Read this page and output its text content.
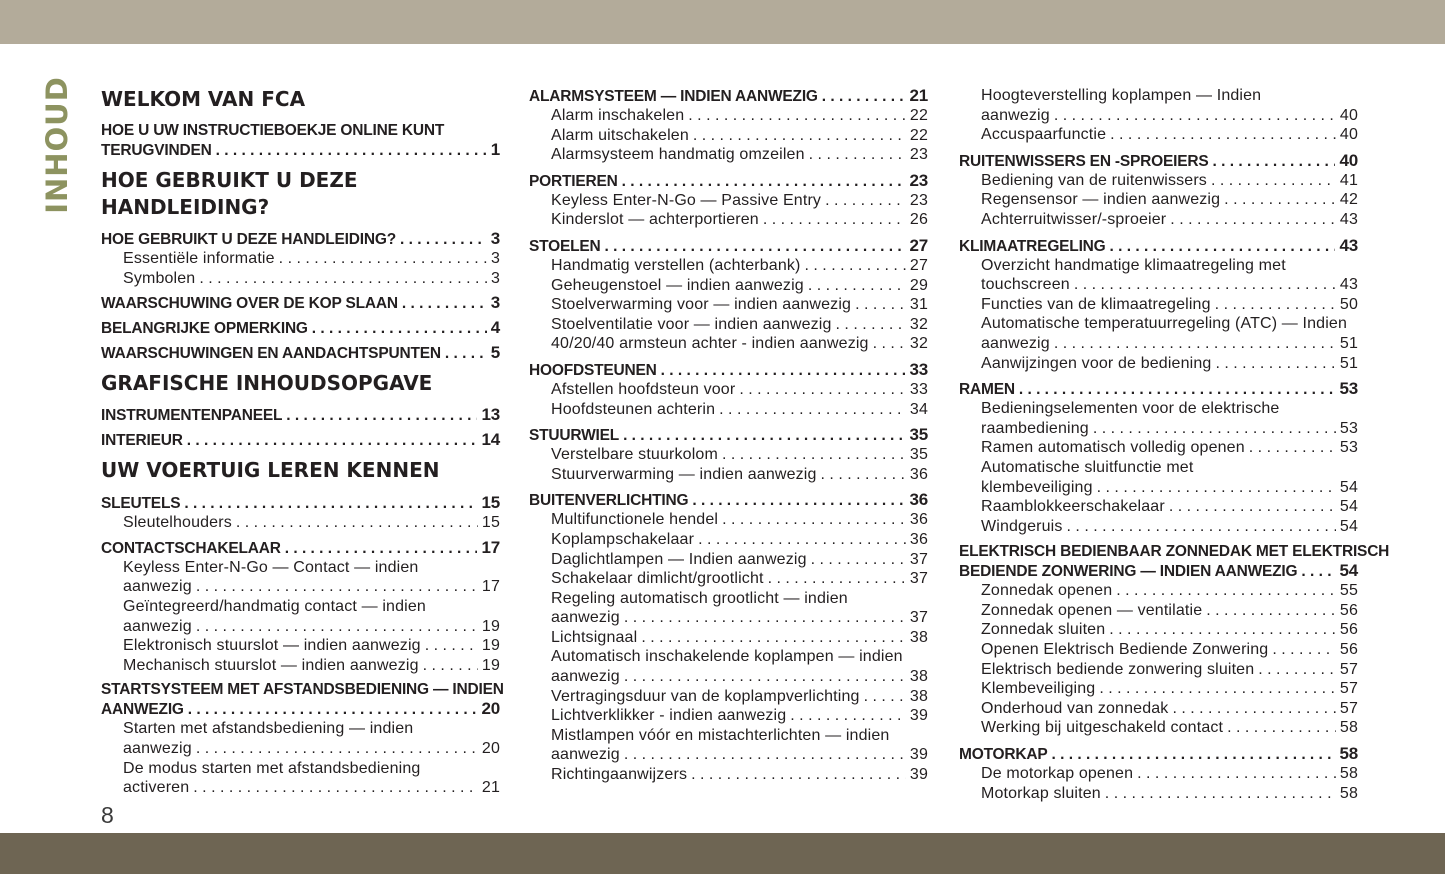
INHOUD WELKOM VAN FCA
HOE U UW INSTRUCTIEBOEKJE ONLINE KUNT
TERUGVINDEN . . .	1
HOE GEBRUIKT U DEZE
HANDLEIDING?
HOE GEBRUIKT U DEZE HANDLEIDING? . . .	3
Essentiële informatie . . .	3
Symbolen . . .	3
WAARSCHUWING OVER DE KOP SLAAN . . .	3
BELANGRIJKE OPMERKING . . .	4
WAARSCHUWINGEN EN AANDACHTSPUNTEN . . .	5
GRAFISCHE INHOUDSOPGAVE
INSTRUMENTENPANEEL . . .	13
INTERIEUR . . .	14
UW VOERTUIG LEREN KENNEN
SLEUTELS . . .	15
Sleutelhouders . . .	15
CONTACTSCHAKELAAR . . .	17
Keyless Enter-N-Go — Contact — indien
aanwezig . . .	17
Geïntegreerd/handmatig contact — indien
aanwezig . . .	19
Elektronisch stuurslot — indien aanwezig . . .	19
Mechanisch stuurslot — indien aanwezig . . .	19
STARTSYSTEEM MET AFSTANDSBEDIENING — INDIEN
AANWEZIG . . .	20
Starten met afstandsbediening — indien
aanwezig . . .	20
De modus starten met afstandsbediening
activeren . . .	21
ALARMSYSTEEM — INDIEN AANWEZIG . . .	21
Alarm inschakelen . . .	22
Alarm uitschakelen . . .	22
Alarmsysteem handmatig omzeilen . . .	23
PORTIEREN . . .	23
Keyless Enter-N-Go — Passive Entry . . .	23
Kinderslot — achterportieren . . .	26
STOELEN . . .	27
Handmatig verstellen (achterbank) . . .	27
Geheugenstoel — indien aanwezig . . .	29
Stoelverwarming voor — indien aanwezig . . .	31
Stoelventilatie voor — indien aanwezig . . .	32
40/20/40 armsteun achter - indien aanwezig . . .	32
HOOFDSTEUNEN . . .	33
Afstellen hoofdsteun voor . . .	33
Hoofdsteunen achterin . . .	34
STUURWIEL . . .	35
Verstelbare stuurkolom . . .	35
Stuurverwarming — indien aanwezig . . .	36
BUITENVERLICHTING . . .	36
Multifunctionele hendel . . .	36
Koplampschakelaar . . .	36
Daglichtlampen — Indien aanwezig . . .	37
Schakelaar dimlicht/grootlicht . . .	37
Regeling automatisch grootlicht — indien
aanwezig . . .	37
Lichtsignaal . . .	38
Automatisch inschakelende koplampen — indien
aanwezig . . .	38
Vertragingsduur van de koplampverlichting . . .	38
Lichtverklikker - indien aanwezig . . .	39
Mistlampen vóór en mistachterlichten — indien
aanwezig . . .	39
Richtingaanwijzers . . .	39
Hoogteverstelling koplampen — Indien
aanwezig . . .	40
Accuspaarfunctie . . .	40
RUITENWISSERS EN -SPROEIERS . . .	40
Bediening van de ruitenwissers . . .	41
Regensensor — indien aanwezig . . .	42
Achterruitwisser/-sproeier . . .	43
KLIMAATREGELING . . .	43
Overzicht handmatige klimaatregeling met
touchscreen . . .	43
Functies van de klimaatregeling . . .	50
Automatische temperatuurregeling (ATC) — Indien
aanwezig . . .	51
Aanwijzingen voor de bediening . . .	51
RAMEN . . .	53
Bedieningselementen voor de elektrische
raambediening . . .	53
Ramen automatisch volledig openen . . .	53
Automatische sluitfunctie met
klembeveiliging . . .	54
Raamblokkeerschakelaar . . .	54
Windgeruis . . .	54
ELEKTRISCH BEDIENBAAR ZONNEDAK MET ELEKTRISCH
BEDIENDE ZONWERING — INDIEN AANWEZIG . . . 54
Zonnedak openen . . .	55
Zonnedak openen — ventilatie . . .	56
Zonnedak sluiten . . .	56
Openen Elektrisch Bediende Zonwering . . .	56
Elektrisch bediende zonwering sluiten . . .	57
Klembeveiliging . . .	57
Onderhoud van zonnedak . . .	57
Werking bij uitgeschakeld contact . . .	58
MOTORKAP . . .	58
De motorkap openen . . .	58
Motorkap sluiten . . .	58
8
